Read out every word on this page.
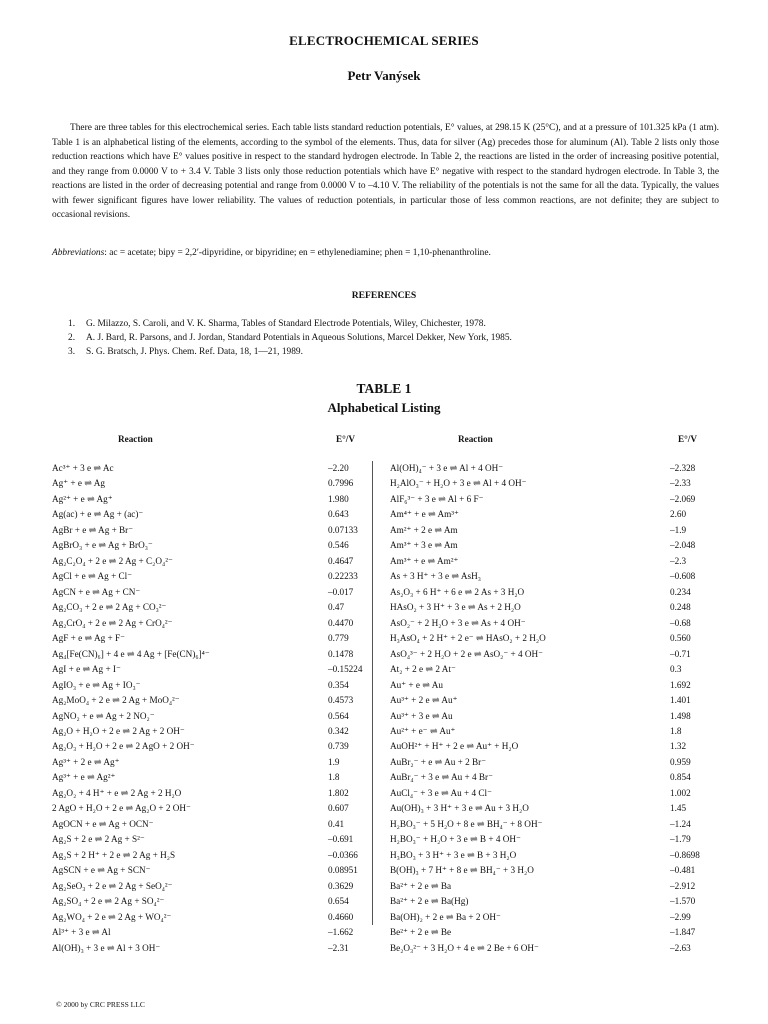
ELECTROCHEMICAL SERIES
Petr Vanýsek

There are three tables for this electrochemical series. Each table lists standard reduction potentials, E° values, at 298.15 K (25°C), and at a pressure of 101.325 kPa (1 atm). Table 1 is an alphabetical listing of the elements, according to the symbol of the elements. Thus, data for silver (Ag) precedes those for aluminum (Al). Table 2 lists only those reduction reactions which have E° values positive in respect to the standard hydrogen electrode. In Table 2, the reactions are listed in the order of increasing positive potential, and they range from 0.0000 V to + 3.4 V. Table 3 lists only those reduction potentials which have E° negative with respect to the standard hydrogen electrode. In Table 3, the reactions are listed in the order of decreasing potential and range from 0.0000 V to –4.10 V. The reliability of the potentials is not the same for all the data. Typically, the values with fewer significant figures have lower reliability. The values of reduction potentials, in particular those of less common reactions, are not definite; they are subject to occasional revisions.

Abbreviations: ac = acetate; bipy = 2,2′-dipyridine, or bipyridine; en = ethylenediamine; phen = 1,10-phenanthroline.

REFERENCES
1. G. Milazzo, S. Caroli, and V. K. Sharma, Tables of Standard Electrode Potentials, Wiley, Chichester, 1978.
2. A. J. Bard, R. Parsons, and J. Jordan, Standard Potentials in Aqueous Solutions, Marcel Dekker, New York, 1985.
3. S. G. Bratsch, J. Phys. Chem. Ref. Data, 18, 1—21, 1989.
TABLE 1
Alphabetical Listing
Reaction	E°/V	Reaction	E°/V
Ac³⁺ + 3 e ⇌ Ac	–2.20
Ag⁺ + e ⇌ Ag	0.7996
Ag²⁺ + e ⇌ Ag⁺	1.980
Ag(ac) + e ⇌ Ag + (ac)⁻	0.643
AgBr + e ⇌ Ag + Br⁻	0.07133
AgBrO₃ + e ⇌ Ag + BrO₃⁻	0.546
Ag₂C₂O₄ + 2 e ⇌ 2 Ag + C₂O₄²⁻	0.4647
AgCl + e ⇌ Ag + Cl⁻	0.22233
AgCN + e ⇌ Ag + CN⁻	–0.017
Ag₂CO₃ + 2 e ⇌ 2 Ag + CO₃²⁻	0.47
Ag₂CrO₄ + 2 e ⇌ 2 Ag + CrO₄²⁻	0.4470
AgF + e ⇌ Ag + F⁻	0.779
Ag₄[Fe(CN)₆] + 4 e ⇌ 4 Ag + [Fe(CN)₆]⁴⁻	0.1478
AgI + e ⇌ Ag + I⁻	–0.15224
AgIO₃ + e ⇌ Ag + IO₃⁻	0.354
Ag₂MoO₄ + 2 e ⇌ 2 Ag + MoO₄²⁻	0.4573
AgNO₂ + e ⇌ Ag + 2 NO₂⁻	0.564
Ag₂O + H₂O + 2 e ⇌ 2 Ag + 2 OH⁻	0.342
Ag₂O₃ + H₂O + 2 e ⇌ 2 AgO + 2 OH⁻	0.739
Ag³⁺ + 2 e ⇌ Ag⁺	1.9
Ag³⁺ + e ⇌ Ag²⁺	1.8
Ag₂O₂ + 4 H⁺ + e ⇌ 2 Ag + 2 H₂O	1.802
2 AgO + H₂O + 2 e ⇌ Ag₂O + 2 OH⁻	0.607
AgOCN + e ⇌ Ag + OCN⁻	0.41
Ag₂S + 2 e ⇌ 2 Ag + S²⁻	–0.691
Ag₂S + 2 H⁺ + 2 e ⇌ 2 Ag + H₂S	–0.0366
AgSCN + e ⇌ Ag + SCN⁻	0.08951
Ag₂SeO₃ + 2 e ⇌ 2 Ag + SeO₄²⁻	0.3629
Ag₂SO₄ + 2 e ⇌ 2 Ag + SO₄²⁻	0.654
Ag₂WO₄ + 2 e ⇌ 2 Ag + WO₄²⁻	0.4660
Al³⁺ + 3 e ⇌ Al	–1.662
Al(OH)₃ + 3 e ⇌ Al + 3 OH⁻	–2.31
Al(OH)₄⁻ + 3 e ⇌ Al + 4 OH⁻	–2.328
H₂AlO₃⁻ + H₂O + 3 e ⇌ Al + 4 OH⁻	–2.33
AlF₆³⁻ + 3 e ⇌ Al + 6 F⁻	–2.069
Am⁴⁺ + e ⇌ Am³⁺	2.60
Am²⁺ + 2 e ⇌ Am	–1.9
Am³⁺ + 3 e ⇌ Am	–2.048
Am³⁺ + e ⇌ Am²⁺	–2.3
As + 3 H⁺ + 3 e ⇌ AsH₃	–0.608
As₂O₃ + 6 H⁺ + 6 e ⇌ 2 As + 3 H₂O	0.234
HAsO₂ + 3 H⁺ + 3 e ⇌ As + 2 H₂O	0.248
AsO₂⁻ + 2 H₂O + 3 e ⇌ As + 4 OH⁻	–0.68
H₃AsO₄ + 2 H⁺ + 2 e⁻ ⇌ HAsO₂ + 2 H₂O	0.560
AsO₄³⁻ + 2 H₂O + 2 e ⇌ AsO₂⁻ + 4 OH⁻	–0.71
At₂ + 2 e ⇌ 2 At⁻	0.3
Au⁺ + e ⇌ Au	1.692
Au³⁺ + 2 e ⇌ Au⁺	1.401
Au³⁺ + 3 e ⇌ Au	1.498
Au²⁺ + e⁻ ⇌ Au⁺	1.8
AuOH²⁺ + H⁺ + 2 e ⇌ Au⁺ + H₂O	1.32
AuBr₂⁻ + e ⇌ Au + 2 Br⁻	0.959
AuBr₄⁻ + 3 e ⇌ Au + 4 Br⁻	0.854
AuCl₄⁻ + 3 e ⇌ Au + 4 Cl⁻	1.002
Au(OH)₃ + 3 H⁺ + 3 e ⇌ Au + 3 H₂O	1.45
H₂BO₃⁻ + 5 H₂O + 8 e ⇌ BH₄⁻ + 8 OH⁻	–1.24
H₂BO₃⁻ + H₂O + 3 e ⇌ B + 4 OH⁻	–1.79
H₃BO₃ + 3 H⁺ + 3 e ⇌ B + 3 H₂O	–0.8698
B(OH)₃ + 7 H⁺ + 8 e ⇌ BH₄⁻ + 3 H₂O	–0.481
Ba²⁺ + 2 e ⇌ Ba	–2.912
Ba²⁺ + 2 e ⇌ Ba(Hg)	–1.570
Ba(OH)₂ + 2 e ⇌ Ba + 2 OH⁻	–2.99
Be²⁺ + 2 e ⇌ Be	–1.847
Be₂O₃²⁻ + 3 H₂O + 4 e ⇌ 2 Be + 6 OH⁻	–2.63
© 2000 by CRC PRESS LLC
